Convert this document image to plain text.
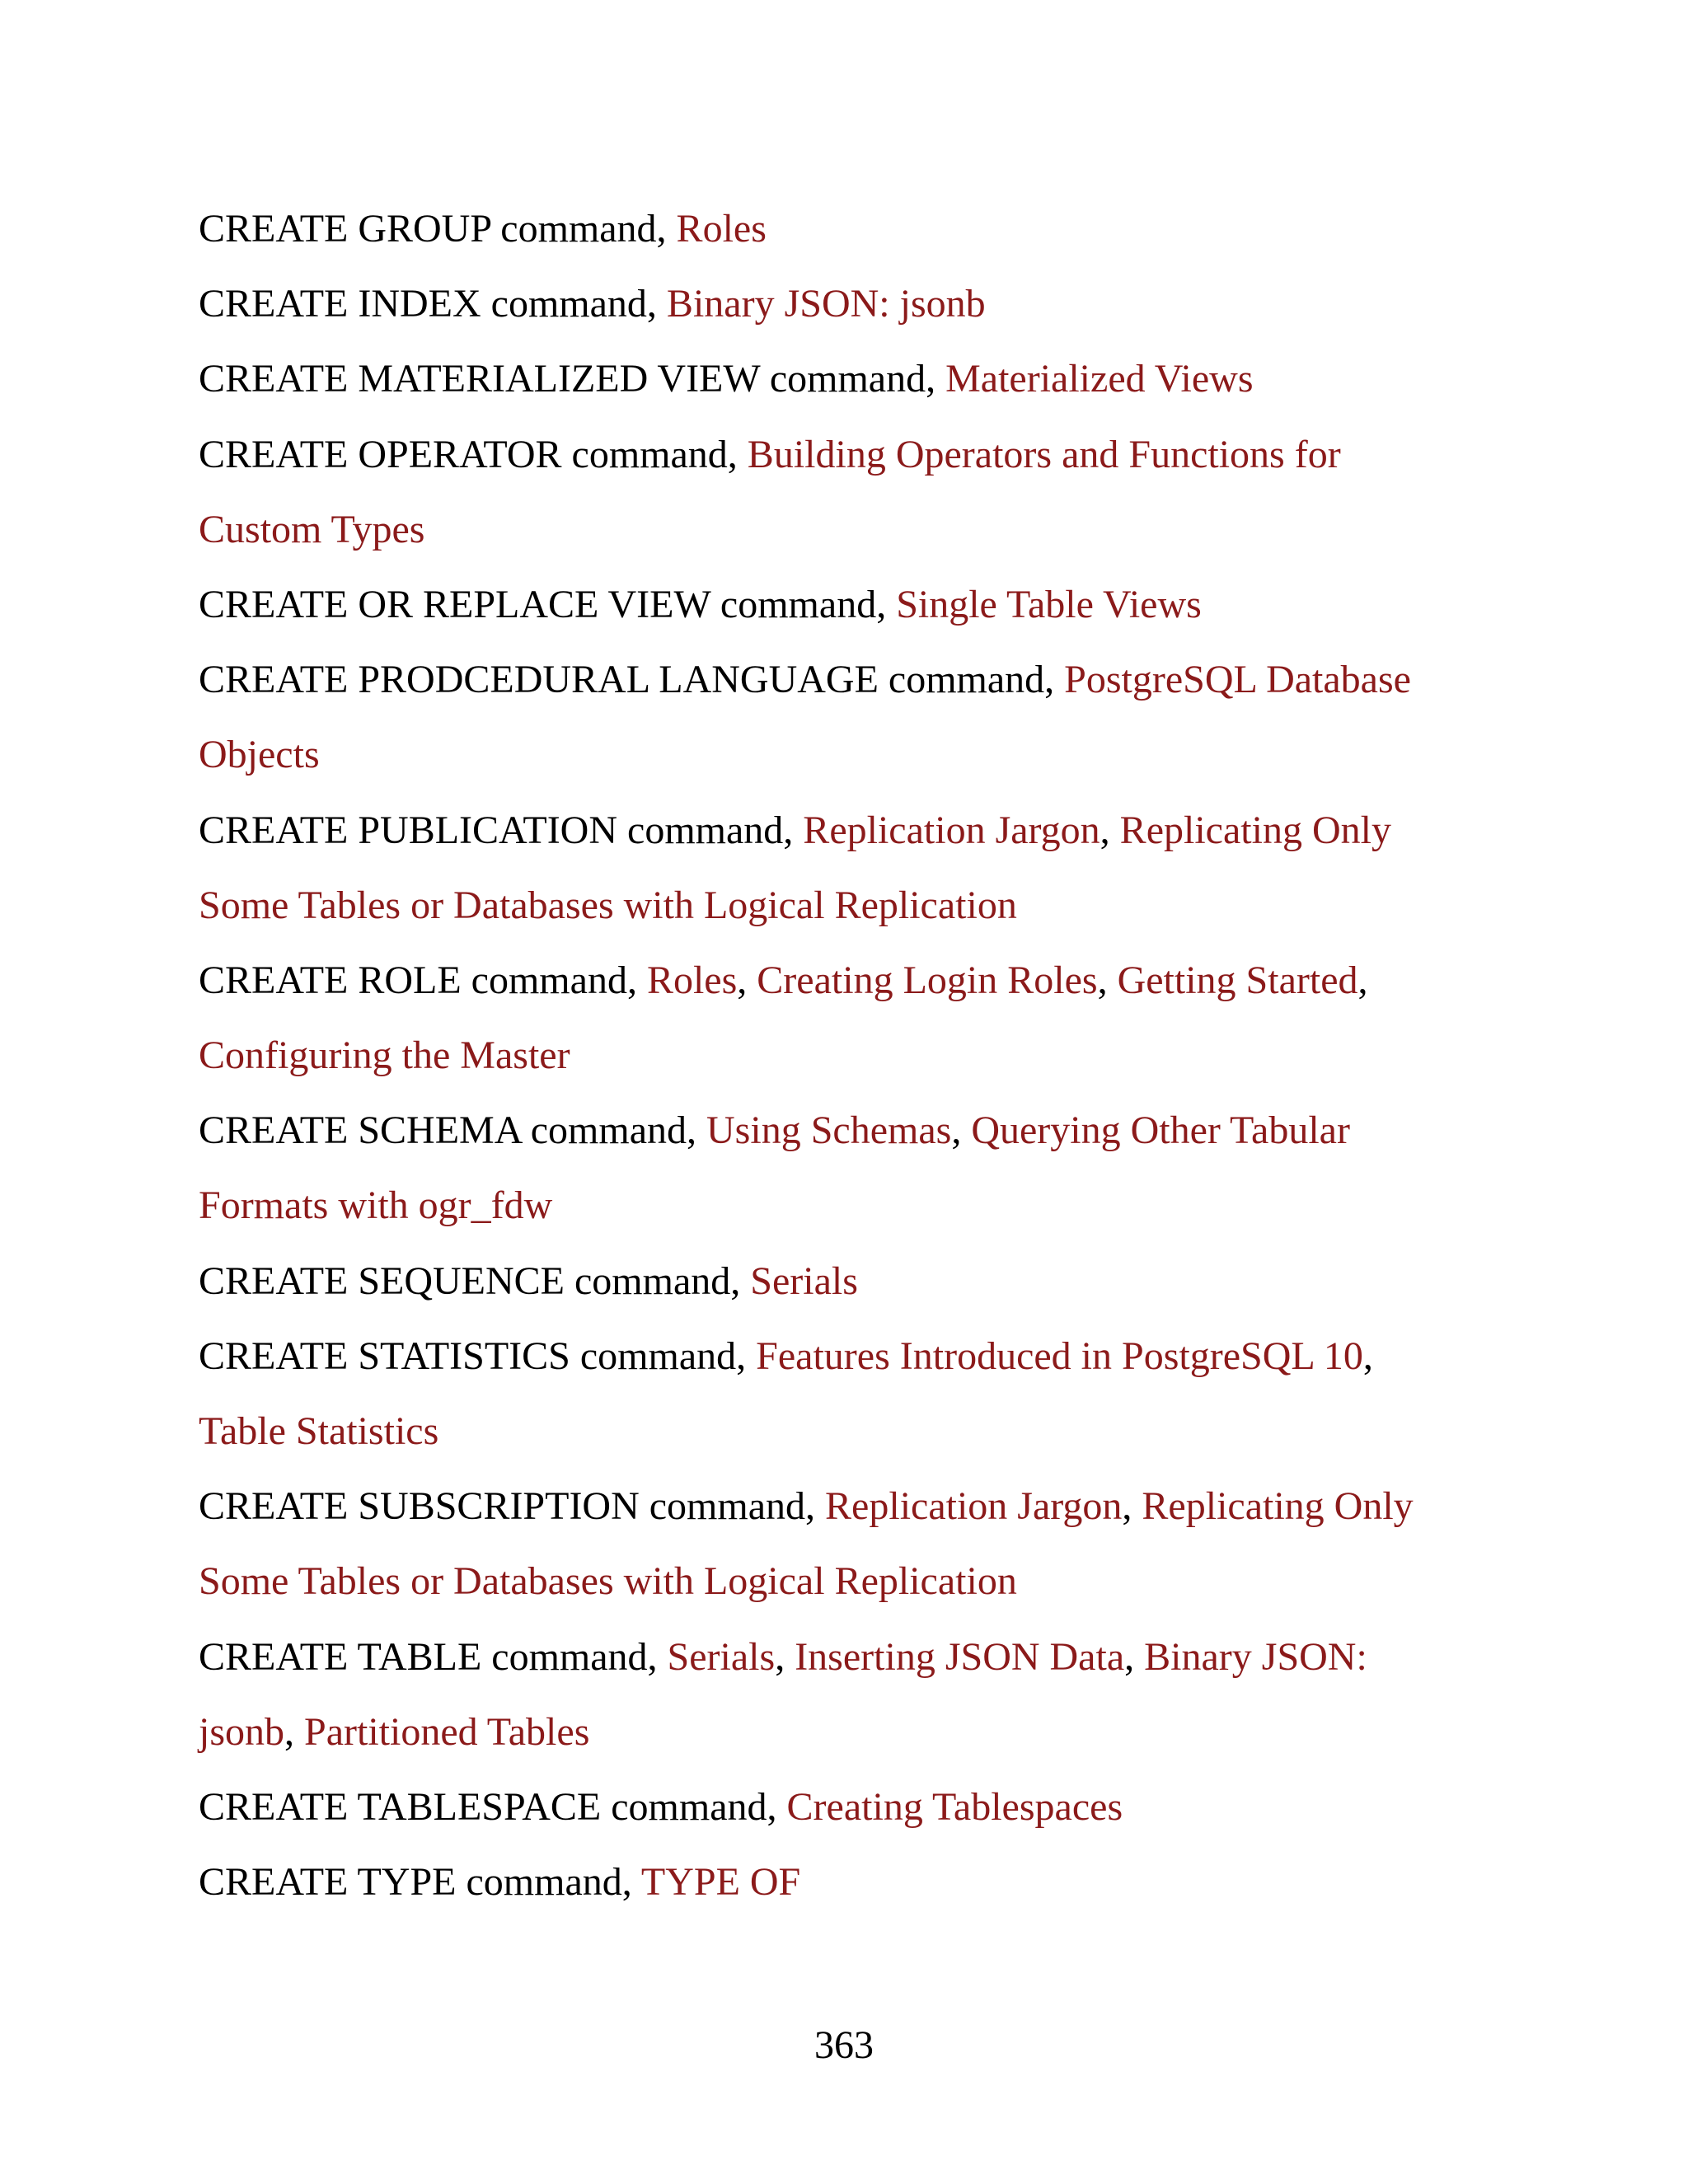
CREATE GROUP command, Roles
CREATE INDEX command, Binary JSON: jsonb
CREATE MATERIALIZED VIEW command, Materialized Views
CREATE OPERATOR command, Building Operators and Functions for
Custom Types
CREATE OR REPLACE VIEW command, Single Table Views
CREATE PRODCEDURAL LANGUAGE command, PostgreSQL Database
Objects
CREATE PUBLICATION command, Replication Jargon, Replicating Only
Some Tables or Databases with Logical Replication
CREATE ROLE command, Roles, Creating Login Roles, Getting Started,
Configuring the Master
CREATE SCHEMA command, Using Schemas, Querying Other Tabular
Formats with ogr_fdw
CREATE SEQUENCE command, Serials
CREATE STATISTICS command, Features Introduced in PostgreSQL 10,
Table Statistics
CREATE SUBSCRIPTION command, Replication Jargon, Replicating Only
Some Tables or Databases with Logical Replication
CREATE TABLE command, Serials, Inserting JSON Data, Binary JSON:
jsonb, Partitioned Tables
CREATE TABLESPACE command, Creating Tablespaces
CREATE TYPE command, TYPE OF
363
